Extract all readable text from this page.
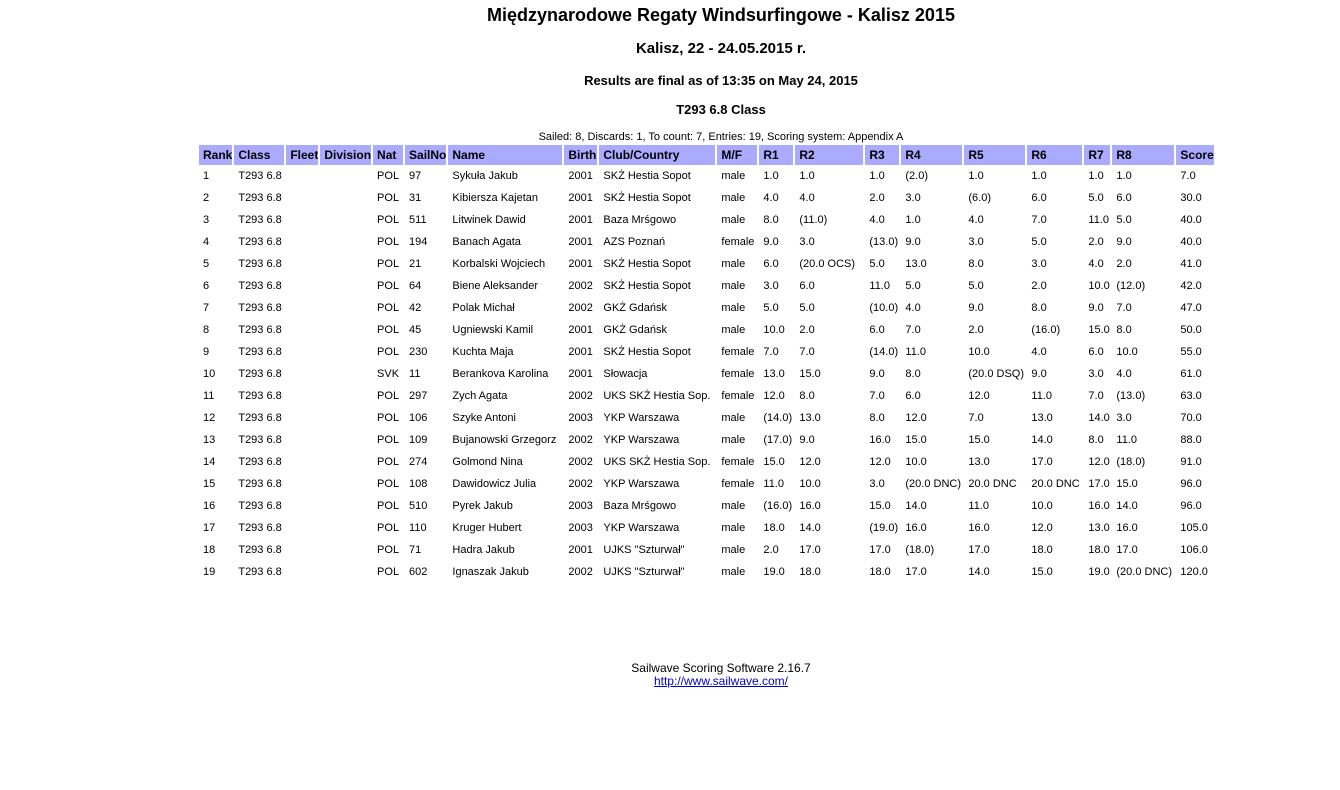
Międzynarodowe Regaty Windsurfingowe - Kalisz 2015
Kalisz, 22 - 24.05.2015 r.
Results are final as of 13:35 on May 24, 2015
T293 6.8 Class
Sailed: 8, Discards: 1, To count: 7, Entries: 19, Scoring system: Appendix A
Rank	Class	Fleet	Division	Nat	SailNo	Name	Birth	Club/Country	M/F	R1	R2	R3	R4	R5	R6	R7	R8	Score
1	T293 6.8			POL	97	Sykuła Jakub	2001	SKŻ Hestia Sopot	male	1.0	1.0	1.0	(2.0)	1.0	1.0	1.0	1.0	7.0
2	T293 6.8			POL	31	Kibiersza Kajetan	2001	SKŻ Hestia Sopot	male	4.0	4.0	2.0	3.0	(6.0)	6.0	5.0	6.0	30.0
3	T293 6.8			POL	511	Litwinek Dawid	2001	Baza Mrśgowo	male	8.0	(11.0)	4.0	1.0	4.0	7.0	11.0	5.0	40.0
4	T293 6.8			POL	194	Banach Agata	2001	AZS Poznań	female	9.0	3.0	(13.0)	9.0	3.0	5.0	2.0	9.0	40.0
5	T293 6.8			POL	21	Korbalski Wojciech	2001	SKŻ Hestia Sopot	male	6.0	(20.0 OCS)	5.0	13.0	8.0	3.0	4.0	2.0	41.0
6	T293 6.8			POL	64	Biene Aleksander	2002	SKŻ Hestia Sopot	male	3.0	6.0	11.0	5.0	5.0	2.0	10.0	(12.0)	42.0
7	T293 6.8			POL	42	Polak Michał	2002	GKŻ Gdańsk	male	5.0	5.0	(10.0)	4.0	9.0	8.0	9.0	7.0	47.0
8	T293 6.8			POL	45	Ugniewski Kamil	2001	GKŻ Gdańsk	male	10.0	2.0	6.0	7.0	2.0	(16.0)	15.0	8.0	50.0
9	T293 6.8			POL	230	Kuchta Maja	2001	SKŻ Hestia Sopot	female	7.0	7.0	(14.0)	11.0	10.0	4.0	6.0	10.0	55.0
10	T293 6.8			SVK	11	Berankova Karolina	2001	Słowacja	female	13.0	15.0	9.0	8.0	(20.0 DSQ)	9.0	3.0	4.0	61.0
11	T293 6.8			POL	297	Zych Agata	2002	UKS SKŻ Hestia Sop.	female	12.0	8.0	7.0	6.0	12.0	11.0	7.0	(13.0)	63.0
12	T293 6.8			POL	106	Szyke Antoni	2003	YKP Warszawa	male	(14.0)	13.0	8.0	12.0	7.0	13.0	14.0	3.0	70.0
13	T293 6.8			POL	109	Bujanowski Grzegorz	2002	YKP Warszawa	male	(17.0)	9.0	16.0	15.0	15.0	14.0	8.0	11.0	88.0
14	T293 6.8			POL	274	Golmond Nina	2002	UKS SKŻ Hestia Sop.	female	15.0	12.0	12.0	10.0	13.0	17.0	12.0	(18.0)	91.0
15	T293 6.8			POL	108	Dawidowicz Julia	2002	YKP Warszawa	female	11.0	10.0	3.0	(20.0 DNC)	20.0 DNC	20.0 DNC	17.0	15.0	96.0
16	T293 6.8			POL	510	Pyrek Jakub	2003	Baza Mrśgowo	male	(16.0)	16.0	15.0	14.0	11.0	10.0	16.0	14.0	96.0
17	T293 6.8			POL	110	Kruger Hubert	2003	YKP Warszawa	male	18.0	14.0	(19.0)	16.0	16.0	12.0	13.0	16.0	105.0
18	T293 6.8			POL	71	Hadra Jakub	2001	UJKS "Szturwał"	male	2.0	17.0	17.0	(18.0)	17.0	18.0	18.0	17.0	106.0
19	T293 6.8			POL	602	Ignaszak Jakub	2002	UJKS "Szturwał"	male	19.0	18.0	18.0	17.0	14.0	15.0	19.0	(20.0 DNC)	120.0
Sailwave Scoring Software 2.16.7
http://www.sailwave.com/
